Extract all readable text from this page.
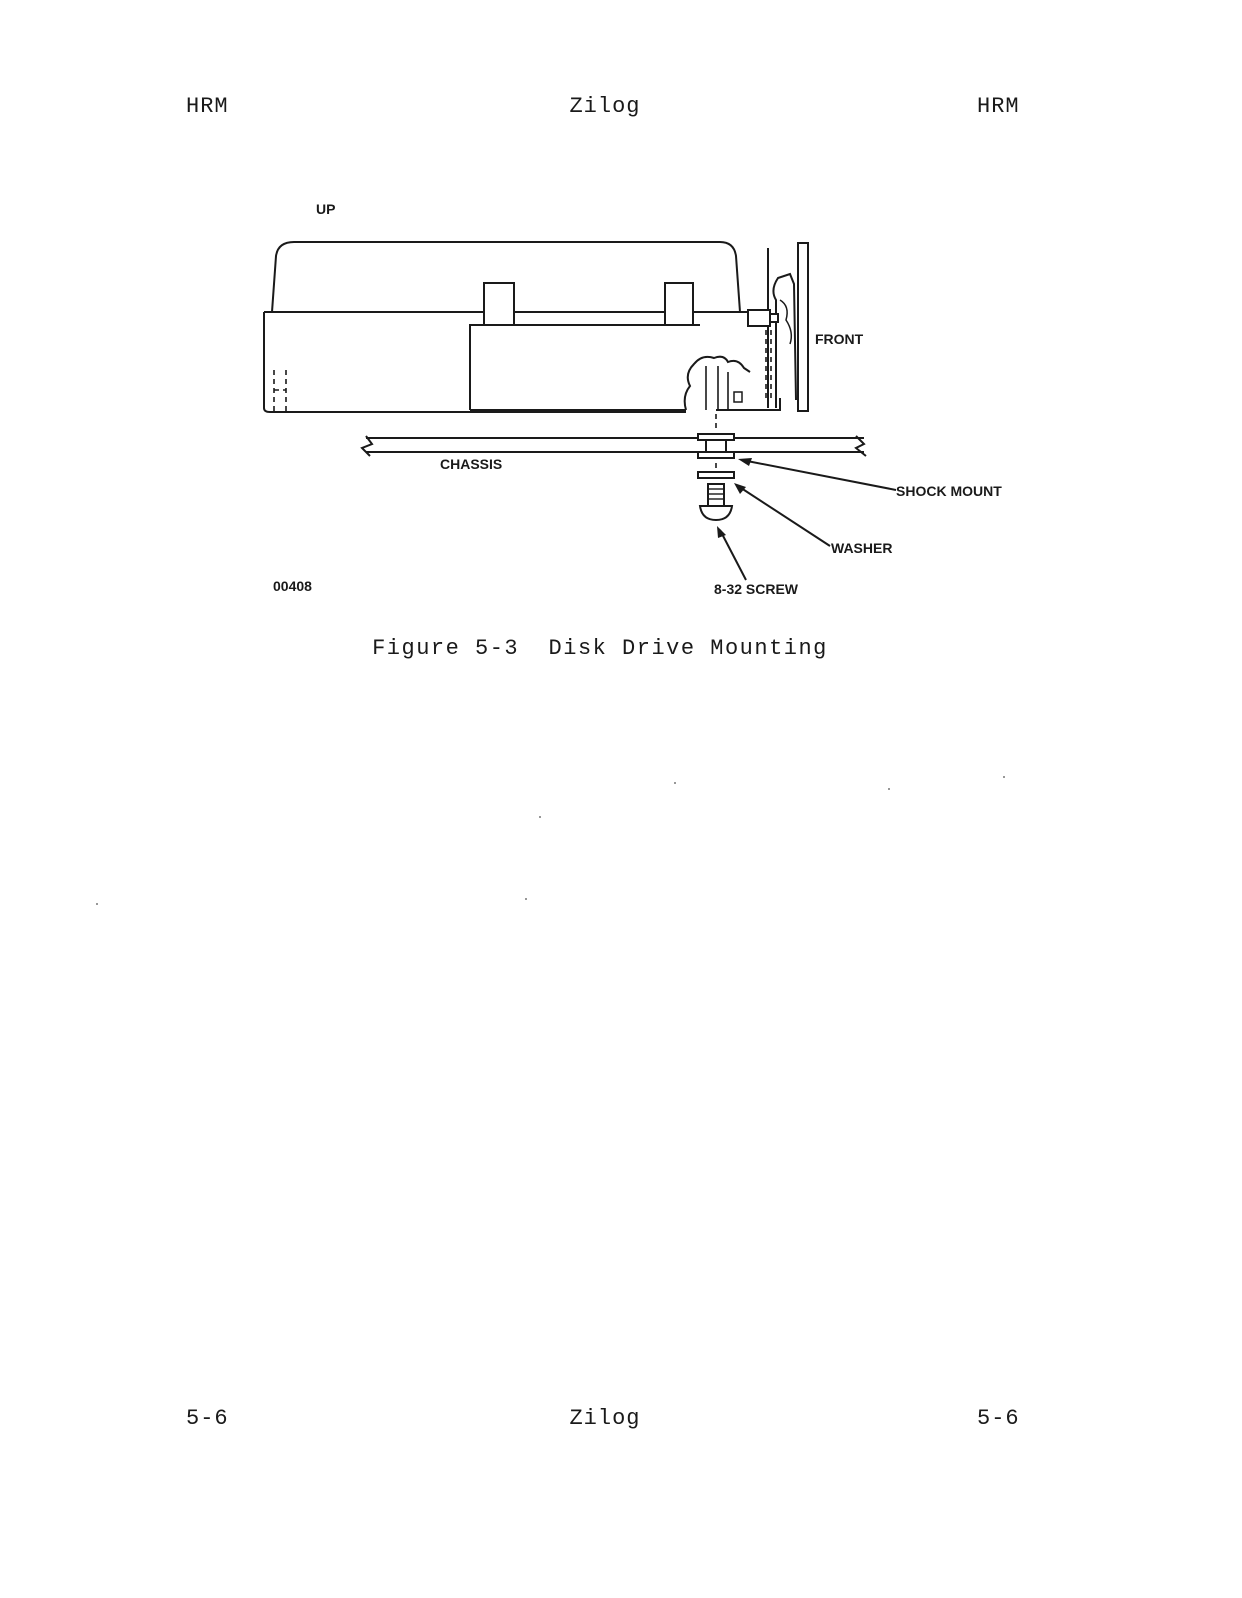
HRM	Zilog	HRM
UP
FRONT
CHASSIS
SHOCK MOUNT
WASHER
8-32 SCREW
00408
Figure 5-3  Disk Drive Mounting
5-6	Zilog	5-6
